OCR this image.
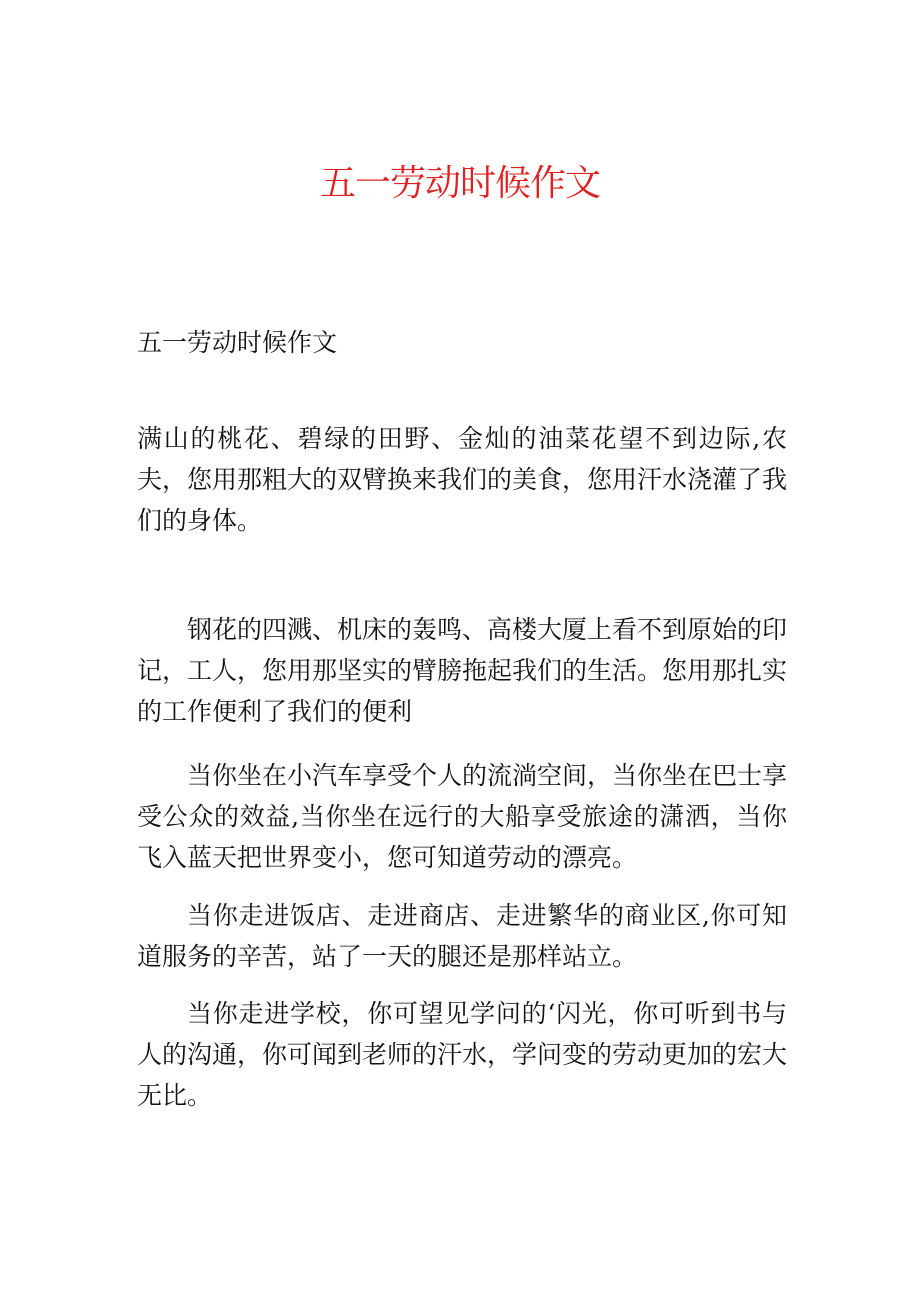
五一劳动时候作文

五一劳动时候作文

满山的桃花、碧绿的田野、金灿的油菜花望不到边际,农夫，您用那粗大的双臂换来我们的美食，您用汗水浇灌了我们的身体。

钢花的四溅、机床的轰鸣、高楼大厦上看不到原始的印记，工人，您用那坚实的臂膀拖起我们的生活。您用那扎实的工作便利了我们的便利

当你坐在小汽车享受个人的流淌空间，当你坐在巴士享受公众的效益,当你坐在远行的大船享受旅途的潇洒，当你飞入蓝天把世界变小，您可知道劳动的漂亮。

当你走进饭店、走进商店、走进繁华的商业区,你可知道服务的辛苦，站了一天的腿还是那样站立。

当你走进学校，你可望见学问的‘闪光，你可听到书与人的沟通，你可闻到老师的汗水，学问变的劳动更加的宏大无比。
